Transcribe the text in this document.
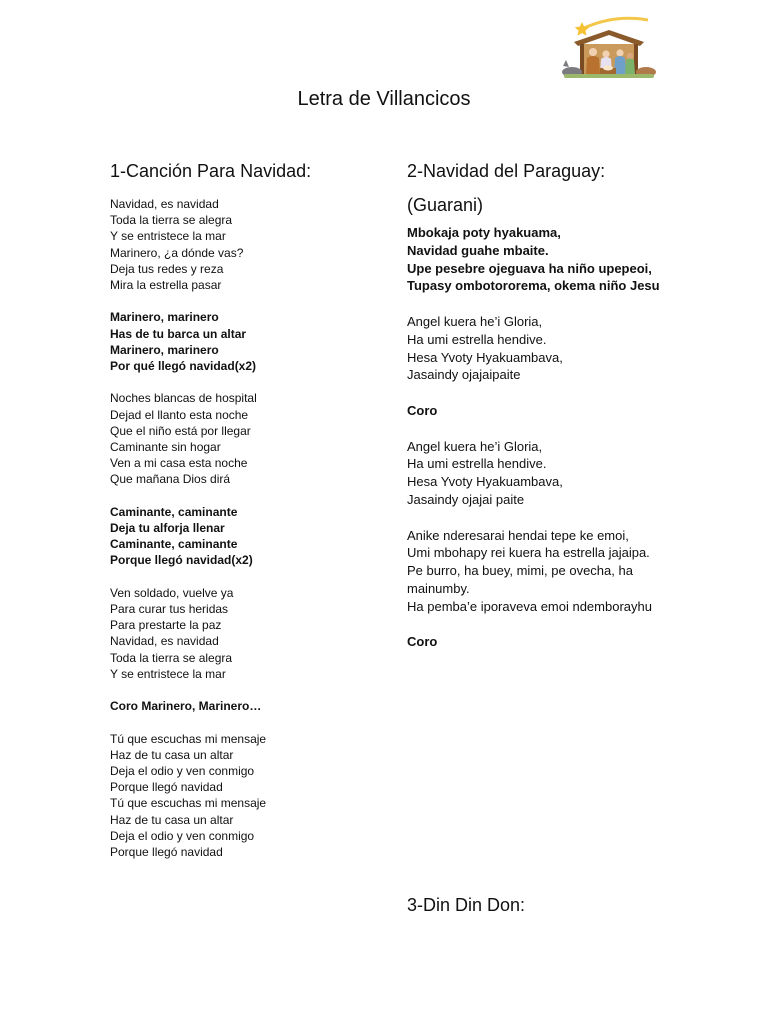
Letra de Villancicos
1-Canción Para Navidad:
Navidad, es navidad
Toda la tierra se alegra
Y se entristece la mar
Marinero, ¿a dónde vas?
Deja tus redes y reza
Mira la estrella pasar
Marinero, marinero
Has de tu barca un altar
Marinero, marinero
Por qué llegó navidad(x2)
Noches blancas de hospital
Dejad el llanto esta noche
Que el niño está por llegar
Caminante sin hogar
Ven a mi casa esta noche
Que mañana Dios dirá
Caminante, caminante
Deja tu alforja llenar
Caminante, caminante
Porque llegó navidad(x2)
Ven soldado, vuelve ya
Para curar tus heridas
Para prestarte la paz
Navidad, es navidad
Toda la tierra se alegra
Y se entristece la mar
Coro Marinero, Marinero…
Tú que escuchas mi mensaje
Haz de tu casa un altar
Deja el odio y ven conmigo
Porque llegó navidad
Tú que escuchas mi mensaje
Haz de tu casa un altar
Deja el odio y ven conmigo
Porque llegó navidad
2-Navidad del Paraguay:
(Guarani)
Mbokaja poty hyakuama,
Navidad guahe mbaite.
Upe pesebre ojeguava ha niño upepeoi,
Tupasy ombotororema, okema niño Jesu
Angel kuera he’i Gloria,
Ha umi estrella hendive.
Hesa Yvoty Hyakuambava,
Jasaindy ojajaipaite
Coro
Angel kuera he’i Gloria,
Ha umi estrella hendive.
Hesa Yvoty Hyakuambava,
Jasaindy ojajai paite
Anike nderesarai hendai tepe ke emoi,
Umi mbohapy rei kuera ha estrella jajaipa.
Pe burro, ha buey, mimi, pe ovecha, ha mainumby.
Ha pemba’e iporaveva emoi ndemborayhu
Coro
3-Din Din Don:
